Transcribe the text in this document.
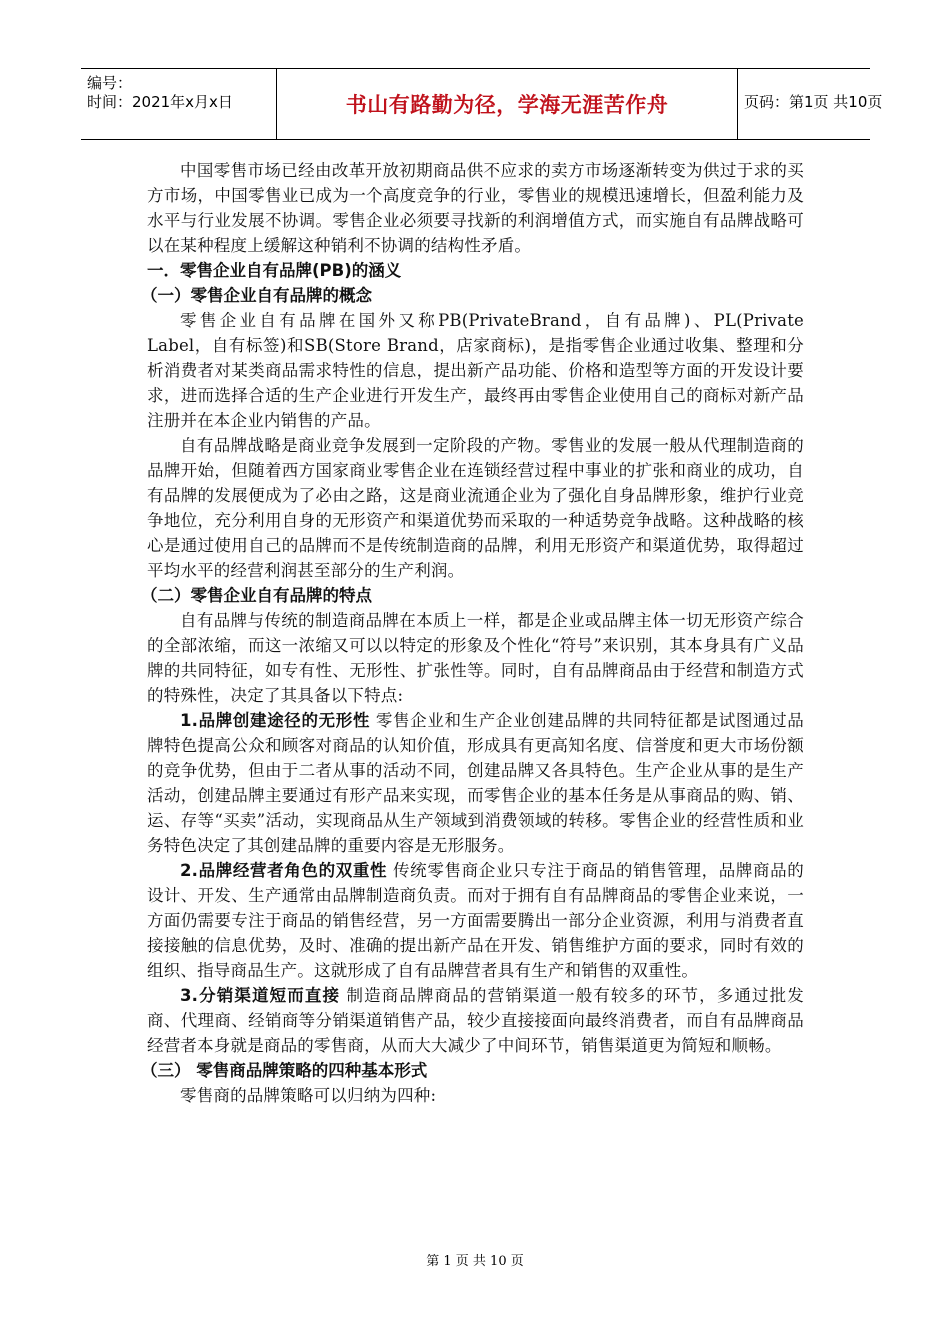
编号：
时间：2021年x月x日	书山有路勤为径，学海无涯苦作舟	页码：第1页 共10页

中国零售市场已经由改革开放初期商品供不应求的卖方市场逐渐转变为供过于求的买方市场，中国零售业已成为一个高度竞争的行业，零售业的规模迅速增长，但盈利能力及水平与行业发展不协调。零售企业必须要寻找新的利润增值方式，而实施自有品牌战略可以在某种程度上缓解这种销利不协调的结构性矛盾。

一．零售企业自有品牌(PB)的涵义

（一）零售企业自有品牌的概念

零售企业自有品牌在国外又称PB(PrivateBrand，自有品牌)、PL(Private Label，自有标签)和SB(Store Brand，店家商标)，是指零售企业通过收集、整理和分析消费者对某类商品需求特性的信息，提出新产品功能、价格和造型等方面的开发设计要求，进而选择合适的生产企业进行开发生产，最终再由零售企业使用自己的商标对新产品注册并在本企业内销售的产品。

自有品牌战略是商业竞争发展到一定阶段的产物。零售业的发展一般从代理制造商的品牌开始，但随着西方国家商业零售企业在连锁经营过程中事业的扩张和商业的成功，自有品牌的发展便成为了必由之路，这是商业流通企业为了强化自身品牌形象，维护行业竞争地位，充分利用自身的无形资产和渠道优势而采取的一种适势竞争战略。这种战略的核心是通过使用自己的品牌而不是传统制造商的品牌，利用无形资产和渠道优势，取得超过平均水平的经营利润甚至部分的生产利润。

（二）零售企业自有品牌的特点

自有品牌与传统的制造商品牌在本质上一样，都是企业或品牌主体一切无形资产综合的全部浓缩，而这一浓缩又可以以特定的形象及个性化“符号”来识别，其本身具有广义品牌的共同特征，如专有性、无形性、扩张性等。同时，自有品牌商品由于经营和制造方式的特殊性，决定了其具备以下特点:

1.品牌创建途径的无形性 零售企业和生产企业创建品牌的共同特征都是试图通过品牌特色提高公众和顾客对商品的认知价值，形成具有更高知名度、信誉度和更大市场份额的竞争优势，但由于二者从事的活动不同，创建品牌又各具特色。生产企业从事的是生产活动，创建品牌主要通过有形产品来实现，而零售企业的基本任务是从事商品的购、销、运、存等“买卖”活动，实现商品从生产领域到消费领域的转移。零售企业的经营性质和业务特色决定了其创建品牌的重要内容是无形服务。

2.品牌经营者角色的双重性 传统零售商企业只专注于商品的销售管理，品牌商品的设计、开发、生产通常由品牌制造商负责。而对于拥有自有品牌商品的零售企业来说，一方面仍需要专注于商品的销售经营，另一方面需要腾出一部分企业资源，利用与消费者直接接触的信息优势，及时、准确的提出新产品在开发、销售维护方面的要求，同时有效的组织、指导商品生产。这就形成了自有品牌营者具有生产和销售的双重性。

3.分销渠道短而直接 制造商品牌商品的营销渠道一般有较多的环节，多通过批发商、代理商、经销商等分销渠道销售产品，较少直接接面向最终消费者，而自有品牌商品经营者本身就是商品的零售商，从而大大减少了中间环节，销售渠道更为简短和顺畅。

（三） 零售商品牌策略的四种基本形式

零售商的品牌策略可以归纳为四种:

第 1 页 共 10 页
